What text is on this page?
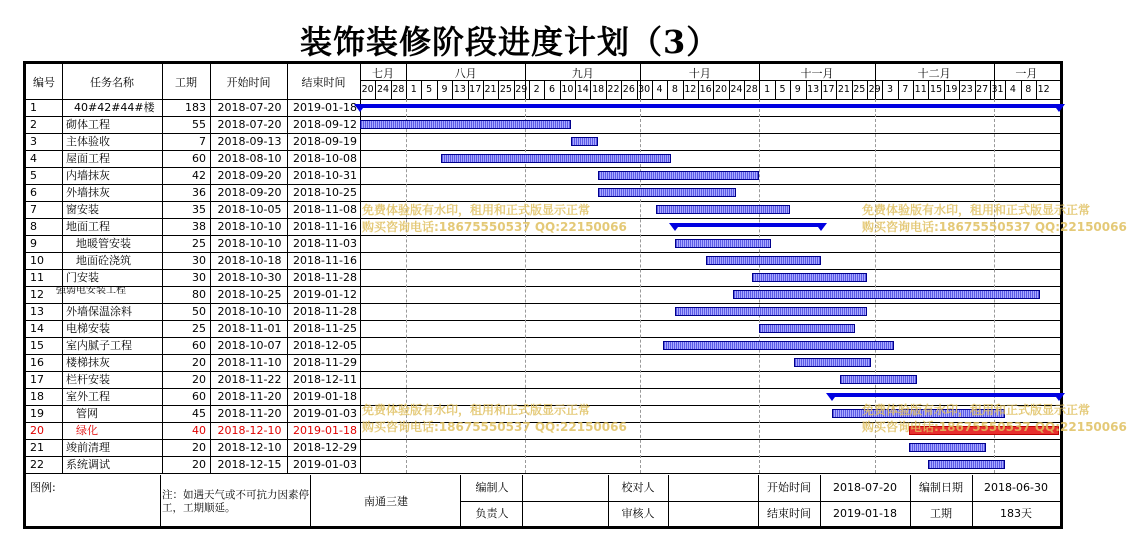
装饰装修阶段进度计划（3）
编号	任务名称	工期	开始时间	结束时间
1	40#42#44#楼	183	2018-07-20	2019-01-18
2	砌体工程	55	2018-07-20	2018-09-12
3	主体验收	7	2018-09-13	2018-09-19
4	屋面工程	60	2018-08-10	2018-10-08
5	内墙抹灰	42	2018-09-20	2018-10-31
6	外墙抹灰	36	2018-09-20	2018-10-25
7	窗安装	35	2018-10-05	2018-11-08
8	地面工程	38	2018-10-10	2018-11-16
9	地暖管安装	25	2018-10-10	2018-11-03
10	地面砼浇筑	30	2018-10-18	2018-11-16
11	门安装	30	2018-10-30	2018-11-28
12	强弱电安装工程	80	2018-10-25	2019-01-12
13	外墙保温涂料	50	2018-10-10	2018-11-28
14	电梯安装	25	2018-11-01	2018-11-25
15	室内腻子工程	60	2018-10-07	2018-12-05
16	楼梯抹灰	20	2018-11-10	2018-11-29
17	栏杆安装	20	2018-11-22	2018-12-11
18	室外工程	60	2018-11-20	2019-01-18
19	管网	45	2018-11-20	2019-01-03
20	绿化	40	2018-12-10	2019-01-18
21	竣前清理	20	2018-12-10	2018-12-29
22	系统调试	20	2018-12-15	2019-01-03
七月	八月	九月	十月	十一月	十二月	一月
20 24 28 1 5 9 13 17 21 25 29 2 6 10 14 18 22 26 30 4 8 12 16 20 24 28 1 5 9 13 17 21 25 29 3 7 11 15 19 23 27 31 4 8 12
免费体验版有水印，租用和正式版显示正常
购买咨询电话:18675550537 QQ:22150066
免费体验版有水印，租用和正式版显示正常
购买咨询电话:18675550537 QQ:22150066
免费体验版有水印，租用和正式版显示正常
购买咨询电话:18675550537 QQ:22150066
免费体验版有水印，租用和正式版显示正常
购买咨询电话:18675550537 QQ:22150066
图例:
注：如遇天气或不可抗力因素停工，工期顺延。	南通三建
编制人
负责人
校对人
审核人
开始时间	2018-07-20
结束时间	2019-01-18
编制日期	2018-06-30
工期	183天
